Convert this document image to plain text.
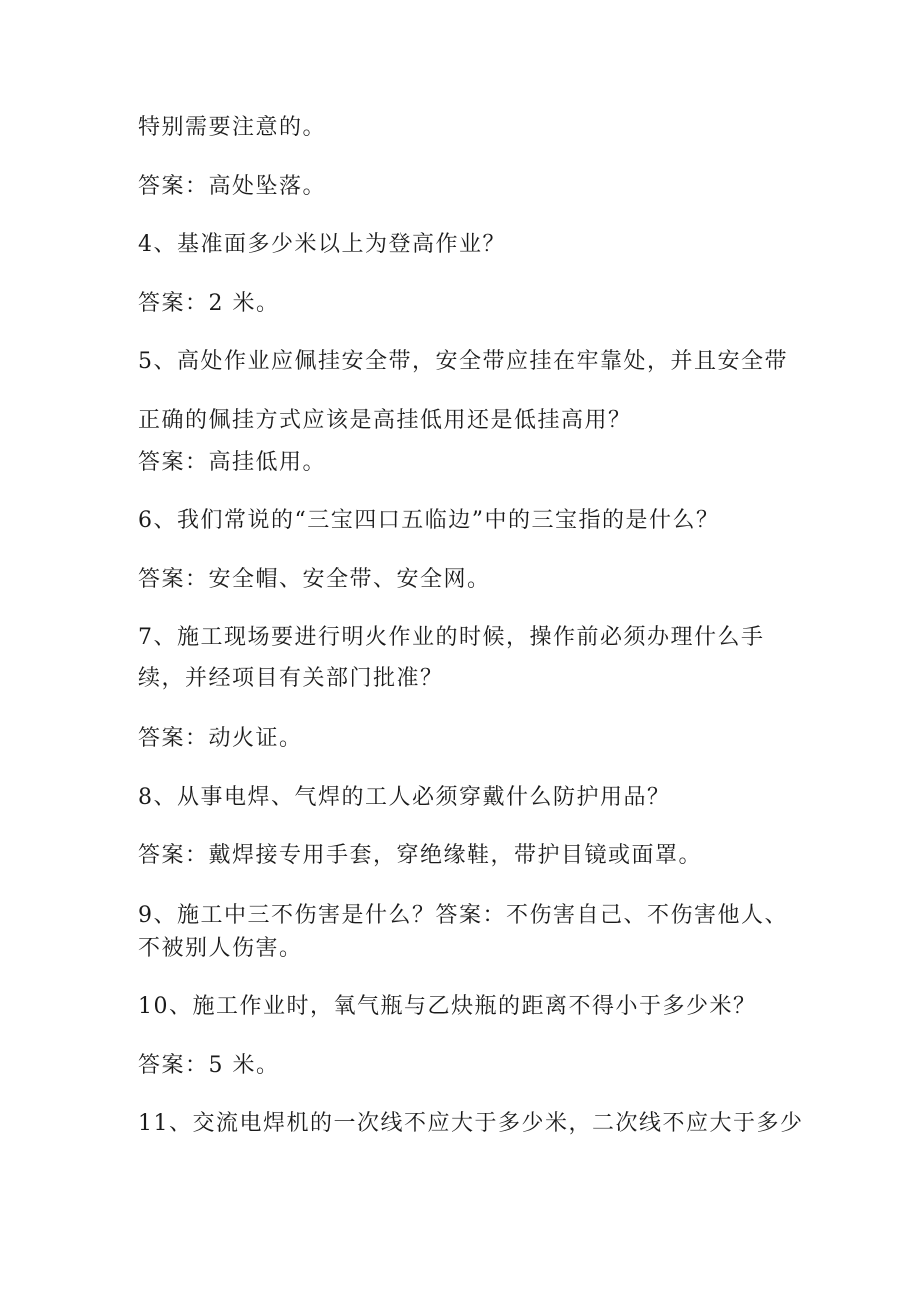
特别需要注意的。
答案：高处坠落。
4、基准面多少米以上为登高作业？
答案：2 米。
5、高处作业应佩挂安全带，安全带应挂在牢靠处，并且安全带
正确的佩挂方式应该是高挂低用还是低挂高用？
答案：高挂低用。
6、我们常说的“三宝四口五临边”中的三宝指的是什么？
答案：安全帽、安全带、安全网。
7、施工现场要进行明火作业的时候，操作前必须办理什么手
续，并经项目有关部门批准？
答案：动火证。
8、从事电焊、气焊的工人必须穿戴什么防护用品？
答案：戴焊接专用手套，穿绝缘鞋，带护目镜或面罩。
9、施工中三不伤害是什么？答案：不伤害自己、不伤害他人、
不被别人伤害。
10、施工作业时，氧气瓶与乙炔瓶的距离不得小于多少米？
答案：5 米。
11、交流电焊机的一次线不应大于多少米，二次线不应大于多少
